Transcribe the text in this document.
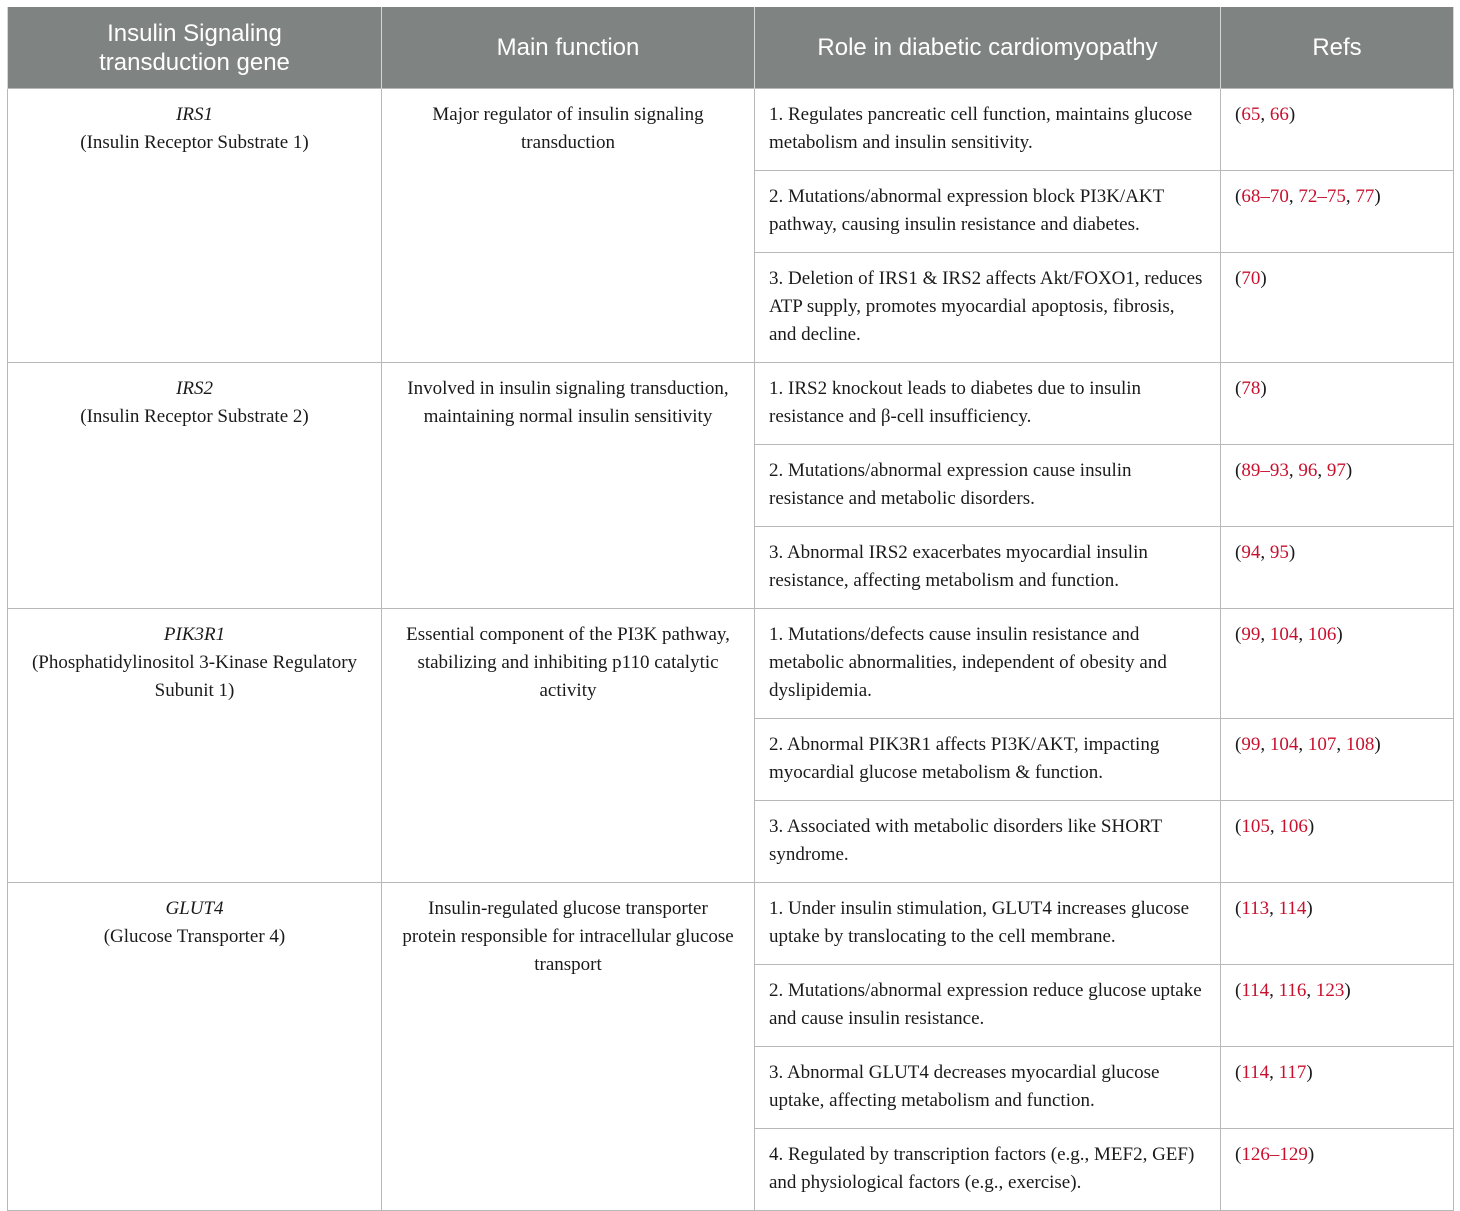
Insulin Signaling transduction gene	Main function	Role in diabetic cardiomyopathy	Refs

IRS1
(Insulin Receptor Substrate 1)	Major regulator of insulin signaling transduction	1. Regulates pancreatic cell function, maintains glucose metabolism and insulin sensitivity.	(65, 66)
		2. Mutations/abnormal expression block PI3K/AKT pathway, causing insulin resistance and diabetes.	(68–70, 72–75, 77)
		3. Deletion of IRS1 & IRS2 affects Akt/FOXO1, reduces ATP supply, promotes myocardial apoptosis, fibrosis, and decline.	(70)

IRS2
(Insulin Receptor Substrate 2)	Involved in insulin signaling transduction, maintaining normal insulin sensitivity	1. IRS2 knockout leads to diabetes due to insulin resistance and β-cell insufficiency.	(78)
		2. Mutations/abnormal expression cause insulin resistance and metabolic disorders.	(89–93, 96, 97)
		3. Abnormal IRS2 exacerbates myocardial insulin resistance, affecting metabolism and function.	(94, 95)

PIK3R1
(Phosphatidylinositol 3-Kinase Regulatory Subunit 1)	Essential component of the PI3K pathway, stabilizing and inhibiting p110 catalytic activity	1. Mutations/defects cause insulin resistance and metabolic abnormalities, independent of obesity and dyslipidemia.	(99, 104, 106)
		2. Abnormal PIK3R1 affects PI3K/AKT, impacting myocardial glucose metabolism & function.	(99, 104, 107, 108)
		3. Associated with metabolic disorders like SHORT syndrome.	(105, 106)

GLUT4
(Glucose Transporter 4)	Insulin-regulated glucose transporter protein responsible for intracellular glucose transport	1. Under insulin stimulation, GLUT4 increases glucose uptake by translocating to the cell membrane.	(113, 114)
		2. Mutations/abnormal expression reduce glucose uptake and cause insulin resistance.	(114, 116, 123)
		3. Abnormal GLUT4 decreases myocardial glucose uptake, affecting metabolism and function.	(114, 117)
		4. Regulated by transcription factors (e.g., MEF2, GEF) and physiological factors (e.g., exercise).	(126–129)
